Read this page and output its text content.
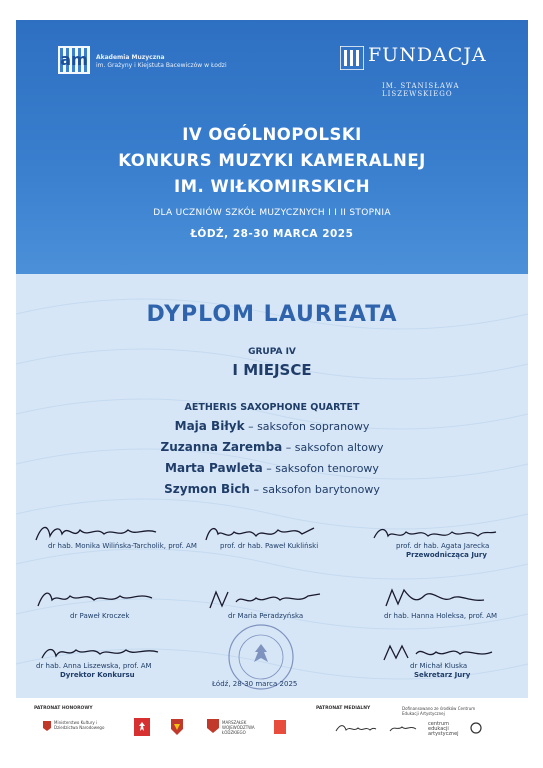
am Akademia Muzyczna
im. Grażyny i Kiejstuta Bacewiczów w Łodzi	FUNDACJA
IM. STANISŁAWA LISZEWSKIEGO
IV OGÓLNOPOLSKI
KONKURS MUZYKI KAMERALNEJ
IM. WIŁKOMIRSKICH
DLA UCZNIÓW SZKÓŁ MUZYCZNYCH I I II STOPNIA
ŁÓDŹ, 28-30 MARCA 2025
DYPLOM LAUREATA
GRUPA IV
I MIEJSCE
AETHERIS SAXOPHONE QUARTET
Maja Biłyk – saksofon sopranowy
Zuzanna Zaremba – saksofon altowy
Marta Pawleta – saksofon tenorowy
Szymon Bich – saksofon barytonowy
dr hab. Monika Wilińska-Tarcholik, prof. AM	prof. dr hab. Paweł Kukliński	prof. dr hab. Agata Jarecka
Przewodnicząca Jury
dr Paweł Kroczek	dr Maria Peradzyńska	dr hab. Hanna Holeksa, prof. AM
dr hab. Anna Liszewska, prof. AM
Dyrektor Konkursu
dr Michał Kluska
Sekretarz Jury
Łódź, 28-30 marca 2025
PATRONAT HONOROWY	PATRONAT MEDIALNY	Dofinansowano ze środków Centrum Edukacji Artystycznej
Ministerstwo Kultury i Dziedzictwa Narodowego
MARSZAŁEK WOJEWÓDZTWA ŁÓDZKIEGO
centrum edukacji artystycznej
